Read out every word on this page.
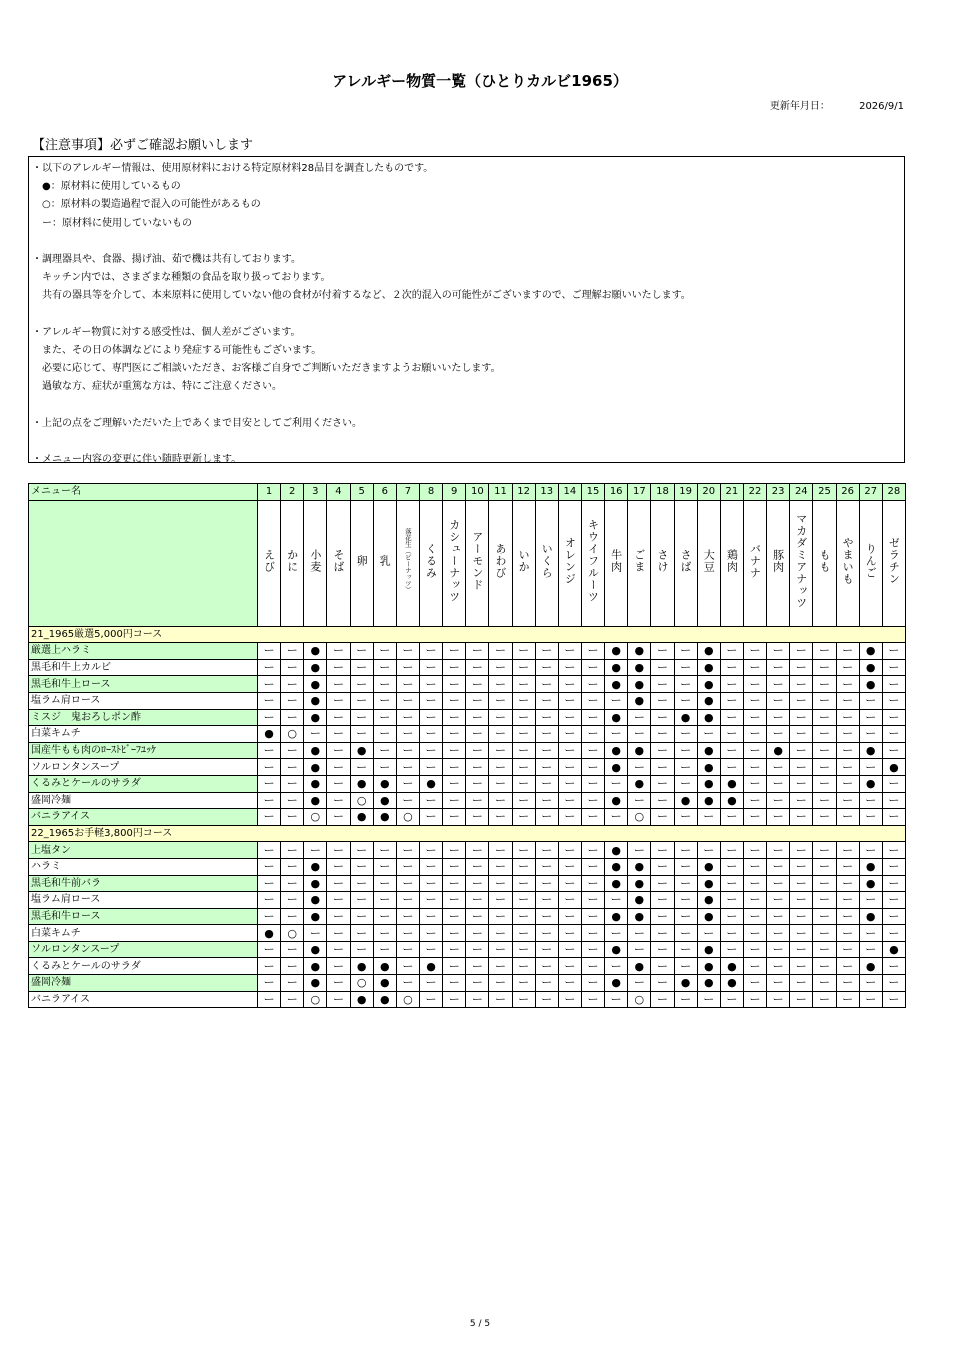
アレルギー物質一覧（ひとりカルビ1965）
更新年月日：	2026/9/1
【注意事項】必ずご確認お願いします
・以下のアレルギー情報は、使用原材料における特定原材料28品目を調査したものです。
　●：原材料に使用しているもの
　○：原材料の製造過程で混入の可能性があるもの
　ー：原材料に使用していないもの
・調理器具や、食器、揚げ油、茹で機は共有しております。
　キッチン内では、さまざまな種類の食品を取り扱っております。
　共有の器具等を介して、本来原料に使用していない他の食材が付着するなど、２次的混入の可能性がございますので、ご理解お願いいたします。
・アレルギー物質に対する感受性は、個人差がございます。
　また、その日の体調などにより発症する可能性もございます。
　必要に応じて、専門医にご相談いただき、お客様ご自身でご判断いただきますようお願いいたします。
　過敏な方、症状が重篤な方は、特にご注意ください。
・上記の点をご理解いただいた上であくまで目安としてご利用ください。
・メニュー内容の変更に伴い随時更新します。
メニュー名	1	2	3	4	5	6	7	8	9	10	11	12	13	14	15	16	17	18	19	20	21	22	23	24	25	26	27	28
	えび	かに	小麦	そば	卵	乳	落花生（ピーナッツ）	くるみ	カシューナッツ	アーモンド	あわび	いか	いくら	オレンジ	キウイフルーツ	牛肉	ごま	さけ	さば	大豆	鶏肉	バナナ	豚肉	マカダミアナッツ	もも	やまいも	りんご	ゼラチン
21_1965厳選5,000円コース																												
厳選上ハラミ	ー	ー	●	ー	ー	ー	ー	ー	ー	ー	ー	ー	ー	ー	ー	●	●	ー	ー	●	ー	ー	ー	ー	ー	ー	●	ー
黒毛和牛上カルビ	ー	ー	●	ー	ー	ー	ー	ー	ー	ー	ー	ー	ー	ー	ー	●	●	ー	ー	●	ー	ー	ー	ー	ー	ー	●	ー
黒毛和牛上ロース	ー	ー	●	ー	ー	ー	ー	ー	ー	ー	ー	ー	ー	ー	ー	●	●	ー	ー	●	ー	ー	ー	ー	ー	ー	●	ー
塩ラム肩ロース	ー	ー	●	ー	ー	ー	ー	ー	ー	ー	ー	ー	ー	ー	ー	ー	●	ー	ー	●	ー	ー	ー	ー	ー	ー	ー	ー
ミスジ　鬼おろしポン酢	ー	ー	●	ー	ー	ー	ー	ー	ー	ー	ー	ー	ー	ー	ー	●	ー	ー	●	●	ー	ー	ー	ー	ー	ー	ー	ー
白菜キムチ	●	○	ー	ー	ー	ー	ー	ー	ー	ー	ー	ー	ー	ー	ー	ー	ー	ー	ー	ー	ー	ー	ー	ー	ー	ー	ー	ー
国産牛もも肉のﾛｰｽﾄﾋﾞｰﾌﾕｯｹ	ー	ー	●	ー	●	ー	ー	ー	ー	ー	ー	ー	ー	ー	ー	●	●	ー	ー	●	ー	ー	●	ー	ー	ー	●	ー
ソルロンタンスープ	ー	ー	●	ー	ー	ー	ー	ー	ー	ー	ー	ー	ー	ー	ー	●	ー	ー	ー	●	ー	ー	ー	ー	ー	ー	ー	●
くるみとケールのサラダ	ー	ー	●	ー	●	●	ー	●	ー	ー	ー	ー	ー	ー	ー	ー	●	ー	ー	●	●	ー	ー	ー	ー	ー	●	ー
盛岡冷麺	ー	ー	●	ー	○	●	ー	ー	ー	ー	ー	ー	ー	ー	ー	●	ー	ー	●	●	●	ー	ー	ー	ー	ー	ー	ー
バニラアイス	ー	ー	○	ー	●	●	○	ー	ー	ー	ー	ー	ー	ー	ー	ー	○	ー	ー	ー	ー	ー	ー	ー	ー	ー	ー	ー
22_1965お手軽3,800円コース																												
上塩タン	ー	ー	ー	ー	ー	ー	ー	ー	ー	ー	ー	ー	ー	ー	ー	●	ー	ー	ー	ー	ー	ー	ー	ー	ー	ー	ー	ー
ハラミ	ー	ー	●	ー	ー	ー	ー	ー	ー	ー	ー	ー	ー	ー	ー	●	●	ー	ー	●	ー	ー	ー	ー	ー	ー	●	ー
黒毛和牛前バラ	ー	ー	●	ー	ー	ー	ー	ー	ー	ー	ー	ー	ー	ー	ー	●	●	ー	ー	●	ー	ー	ー	ー	ー	ー	●	ー
塩ラム肩ロース	ー	ー	●	ー	ー	ー	ー	ー	ー	ー	ー	ー	ー	ー	ー	ー	●	ー	ー	●	ー	ー	ー	ー	ー	ー	ー	ー
黒毛和牛ロース	ー	ー	●	ー	ー	ー	ー	ー	ー	ー	ー	ー	ー	ー	ー	●	●	ー	ー	●	ー	ー	ー	ー	ー	ー	●	ー
白菜キムチ	●	○	ー	ー	ー	ー	ー	ー	ー	ー	ー	ー	ー	ー	ー	ー	ー	ー	ー	ー	ー	ー	ー	ー	ー	ー	ー	ー
ソルロンタンスープ	ー	ー	●	ー	ー	ー	ー	ー	ー	ー	ー	ー	ー	ー	ー	●	ー	ー	ー	●	ー	ー	ー	ー	ー	ー	ー	●
くるみとケールのサラダ	ー	ー	●	ー	●	●	ー	●	ー	ー	ー	ー	ー	ー	ー	ー	●	ー	ー	●	●	ー	ー	ー	ー	ー	●	ー
盛岡冷麺	ー	ー	●	ー	○	●	ー	ー	ー	ー	ー	ー	ー	ー	ー	●	ー	ー	●	●	●	ー	ー	ー	ー	ー	ー	ー
バニラアイス	ー	ー	○	ー	●	●	○	ー	ー	ー	ー	ー	ー	ー	ー	ー	○	ー	ー	ー	ー	ー	ー	ー	ー	ー	ー	ー
5 / 5
